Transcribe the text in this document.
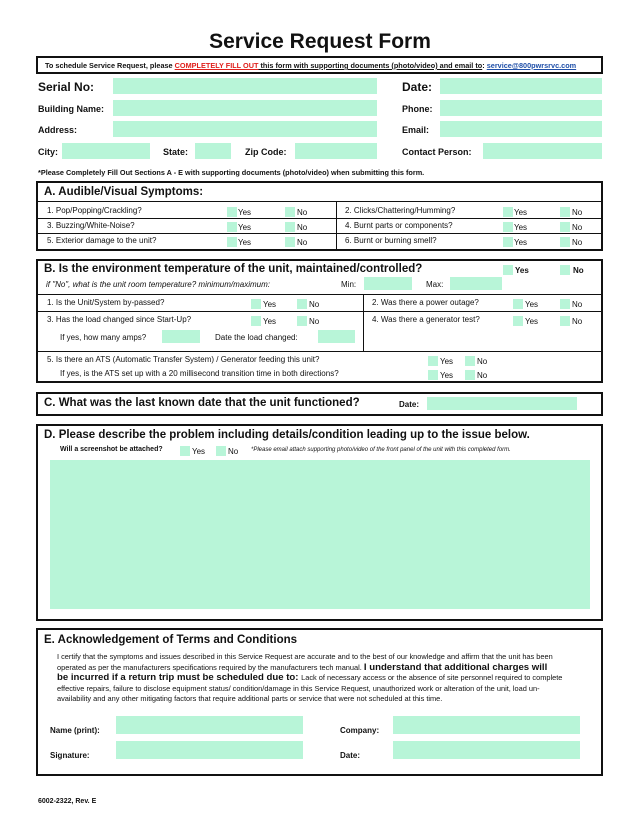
Service Request Form
To schedule Service Request, please COMPLETELY FILL OUT this form with supporting documents (photo/video) and email to: service@800pwrsrvc.com
Serial No:	Date:
Building Name:	Phone:
Address:	Email:
City:	State:	Zip Code:	Contact Person:
*Please Completely Fill Out Sections A - E with supporting documents (photo/video) when submitting this form.
A. Audible/Visual Symptoms:
1. Pop/Popping/Crackling?	Yes	No	2. Clicks/Chattering/Humming?	Yes	No
3. Buzzing/White-Noise?	Yes	No	4. Burnt parts or components?	Yes	No
5. Exterior damage to the unit?	Yes	No	6. Burnt or burning smell?	Yes	No
B. Is the environment temperature of the unit, maintained/controlled?	Yes	No
if "No", what is the unit room temperature? minimum/maximum:	Min:	Max:
1. Is the Unit/System by-passed?	Yes	No	2. Was there a power outage?	Yes	No
3. Has the load changed since Start-Up?	Yes	No	4. Was there a generator test?	Yes	No
If yes, how many amps?	Date the load changed:
5. Is there an ATS (Automatic Transfer System) / Generator feeding this unit?	Yes	No
If yes, is the ATS set up with a 20 millisecond transition time in both directions?	Yes	No
C. What was the last known date that the unit functioned?	Date:
D. Please describe the problem including details/condition leading up to the issue below.
Will a screenshot be attached?	Yes	No *Please email attach supporting photo/video of the front panel of the unit with this completed form.
E. Acknowledgement of Terms and Conditions
I certify that the symptoms and issues described in this Service Request are accurate and to the best of our knowledge and affirm that the unit has been
operated as per the manufacturers specifications required by the manufacturers tech manual. I understand that additional charges will
be incurred if a return trip must be scheduled due to: Lack of necessary access or the absence of site personnel required to complete
effective repairs, failure to disclose equipment status/ condition/damage in this Service Request, unauthorized work or alteration of the unit, load un-
availability and any other mitigating factors that require additional parts or service that were not scheduled at this time.
Name (print):	Company:
Signature:	Date:
6002-2322, Rev. E
